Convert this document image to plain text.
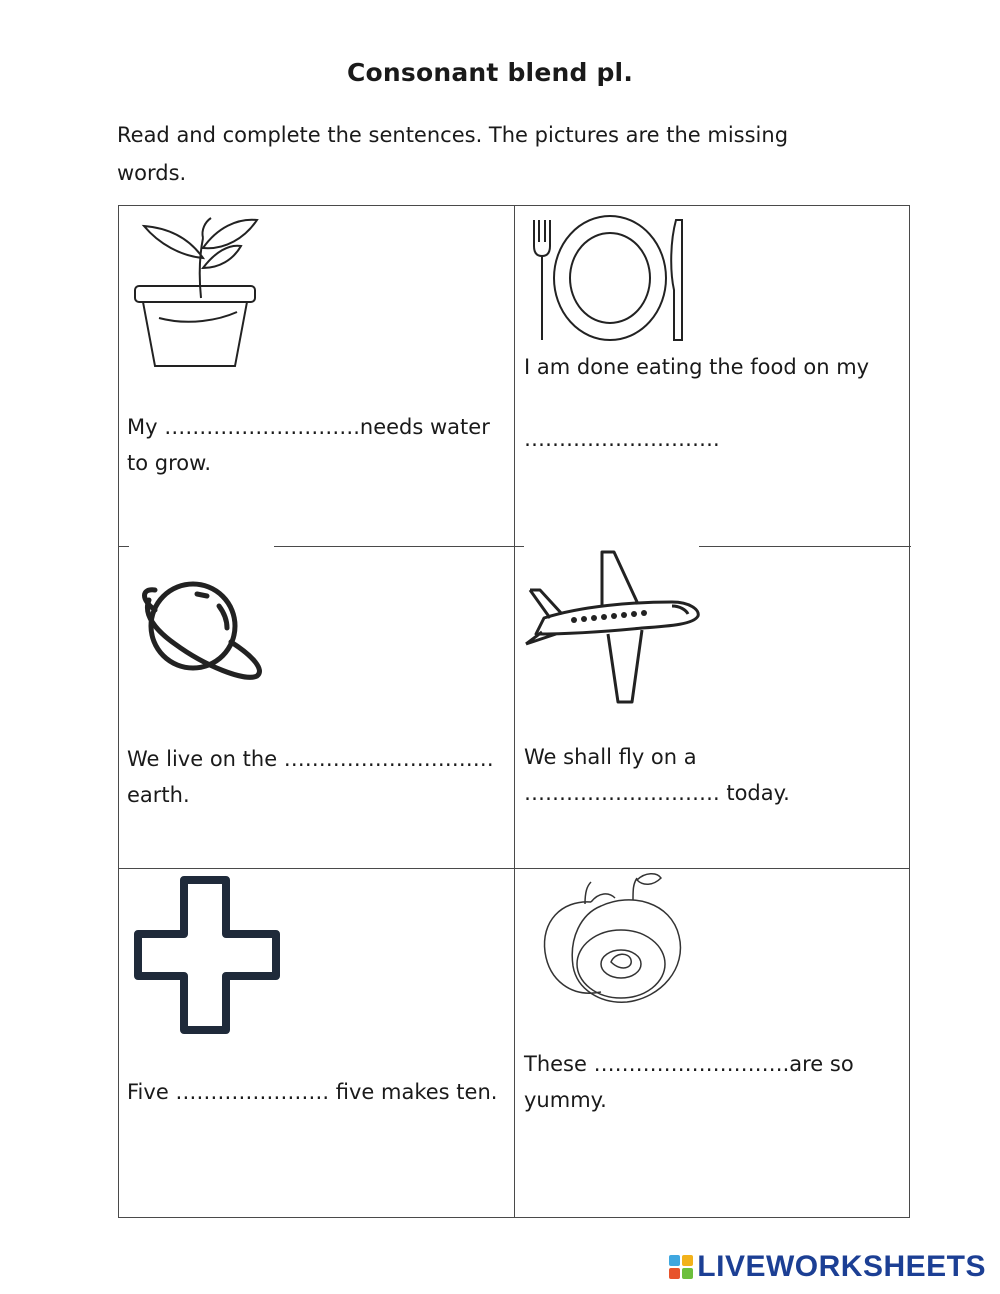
Consonant blend pl.
Read and complete the sentences. The pictures are the missing words.
My ……………………….needs water to grow.
I am done eating the food on my

……………………….
We live on the ………………………… earth.
We shall fly on a ………………………. today.
Five …………………. five makes ten.
These ……………………….are so yummy.
LIVEWORKSHEETS
